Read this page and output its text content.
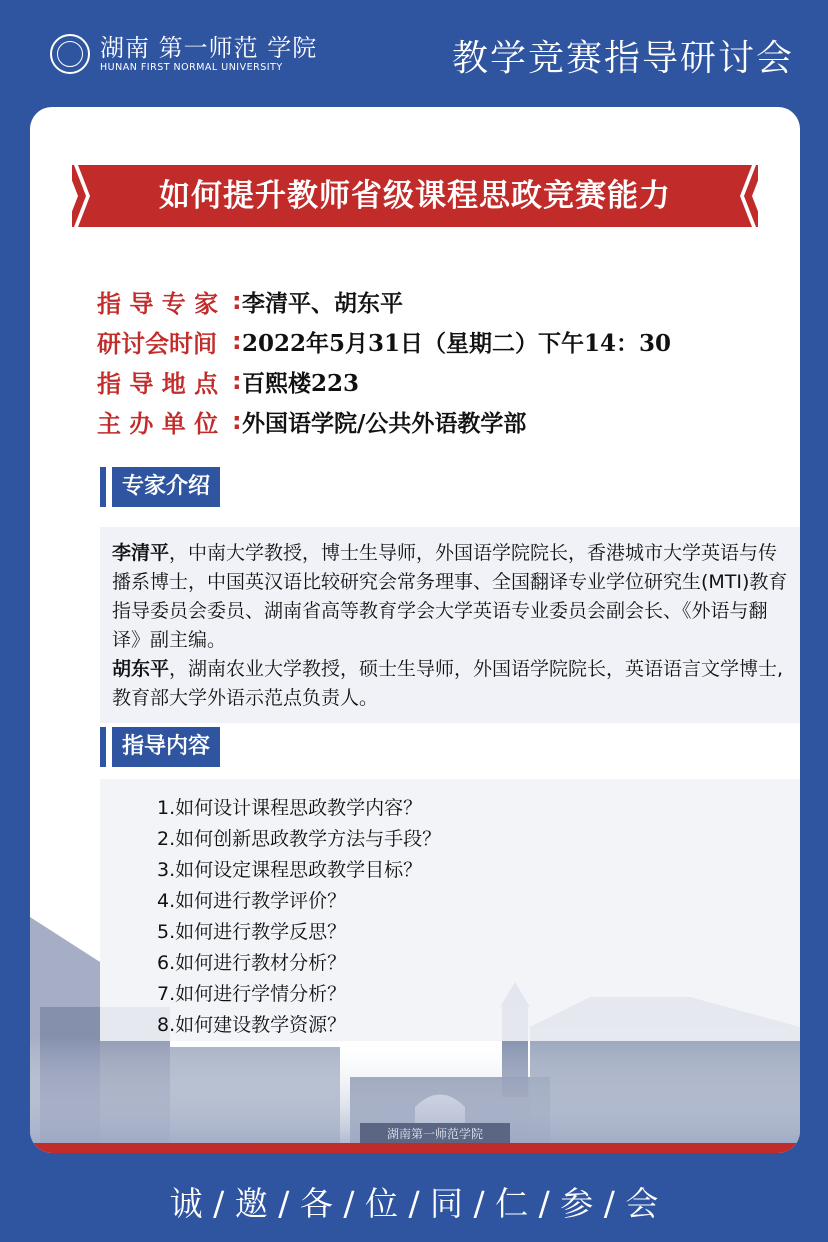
湖南 第一师范 学院
HUNAN FIRST NORMAL UNIVERSITY	教学竞赛指导研讨会
如何提升教师省级课程思政竞赛能力
指 导 专 家 : 李清平、胡东平
研讨会时间 : 2022年5月31日（星期二）下午14：30
指 导 地 点 : 百熙楼223
主 办 单 位 : 外国语学院/公共外语教学部
专家介绍
李清平，中南大学教授，博士生导师，外国语学院院长，香港城市大学英语与传播系博士，中国英汉语比较研究会常务理事、全国翻译专业学位研究生(MTI)教育指导委员会委员、湖南省高等教育学会大学英语专业委员会副会长、《外语与翻译》副主编。
胡东平，湖南农业大学教授，硕士生导师，外国语学院院长，英语语言文学博士,教育部大学外语示范点负责人。
湖南第一师范学院
指导内容
1.如何设计课程思政教学内容？
2.如何创新思政教学方法与手段？
3.如何设定课程思政教学目标？
4.如何进行教学评价？
5.如何进行教学反思？
6.如何进行教材分析？
7.如何进行学情分析？
8.如何建设教学资源？
诚 / 邀 / 各 / 位 / 同 / 仁 / 参 / 会
